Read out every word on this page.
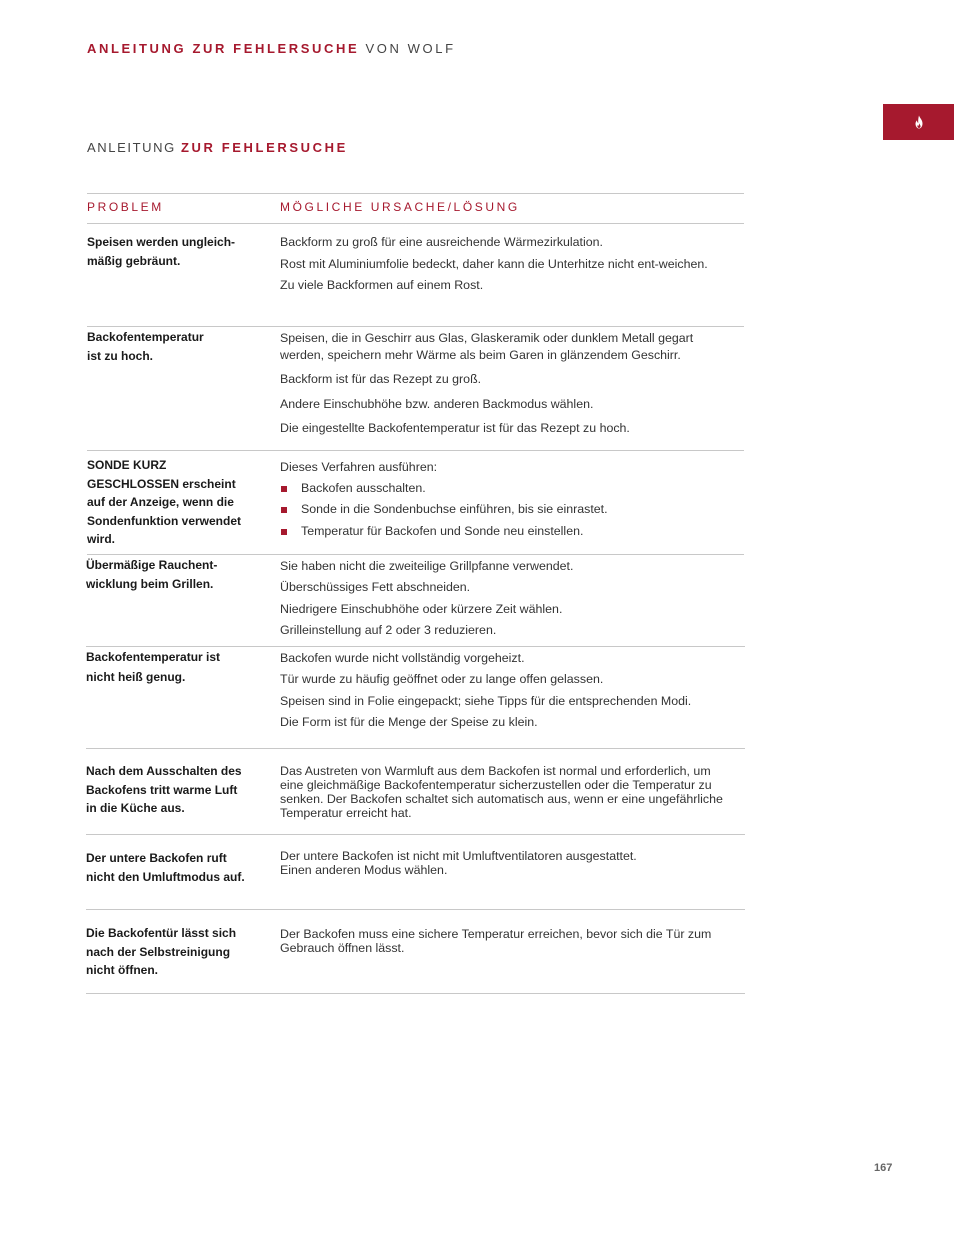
ANLEITUNG ZUR FEHLERSUCHE VON WOLF
ANLEITUNG ZUR FEHLERSUCHE
PROBLEM	MÖGLICHE URSACHE/LÖSUNG
Speisen werden ungleich-
mäßig gebräunt.
Backform zu groß für eine ausreichende Wärmezirkulation.
Rost mit Aluminiumfolie bedeckt, daher kann die Unterhitze nicht ent-weichen.
Zu viele Backformen auf einem Rost.
Backofentemperatur
ist zu hoch.
Speisen, die in Geschirr aus Glas, Glaskeramik oder dunklem Metall gegart
werden, speichern mehr Wärme als beim Garen in glänzendem Geschirr.
Backform ist für das Rezept zu groß.
Andere Einschubhöhe bzw. anderen Backmodus wählen.
Die eingestellte Backofentemperatur ist für das Rezept zu hoch.
SONDE KURZ
GESCHLOSSEN erscheint
auf der Anzeige, wenn die
Sondenfunktion verwendet
wird.
Dieses Verfahren ausführen:
Backofen ausschalten.
Sonde in die Sondenbuchse einführen, bis sie einrastet.
Temperatur für Backofen und Sonde neu einstellen.
Übermäßige Rauchent-
wicklung beim Grillen.
Sie haben nicht die zweiteilige Grillpfanne verwendet.
Überschüssiges Fett abschneiden.
Niedrigere Einschubhöhe oder kürzere Zeit wählen.
Grilleinstellung auf 2 oder 3 reduzieren.
Backofentemperatur ist
nicht heiß genug.
Backofen wurde nicht vollständig vorgeheizt.
Tür wurde zu häufig geöffnet oder zu lange offen gelassen.
Speisen sind in Folie eingepackt; siehe Tipps für die entsprechenden Modi.
Die Form ist für die Menge der Speise zu klein.
Nach dem Ausschalten des
Backofens tritt warme Luft
in die Küche aus.
Das Austreten von Warmluft aus dem Backofen ist normal und erforderlich, um
eine gleichmäßige Backofentemperatur sicherzustellen oder die Temperatur zu
senken. Der Backofen schaltet sich automatisch aus, wenn er eine ungefährliche
Temperatur erreicht hat.
Der untere Backofen ruft
nicht den Umluftmodus auf.
Der untere Backofen ist nicht mit Umluftventilatoren ausgestattet.
Einen anderen Modus wählen.
Die Backofentür lässt sich
nach der Selbstreinigung
nicht öffnen.
Der Backofen muss eine sichere Temperatur erreichen, bevor sich die Tür zum
Gebrauch öffnen lässt.
167
